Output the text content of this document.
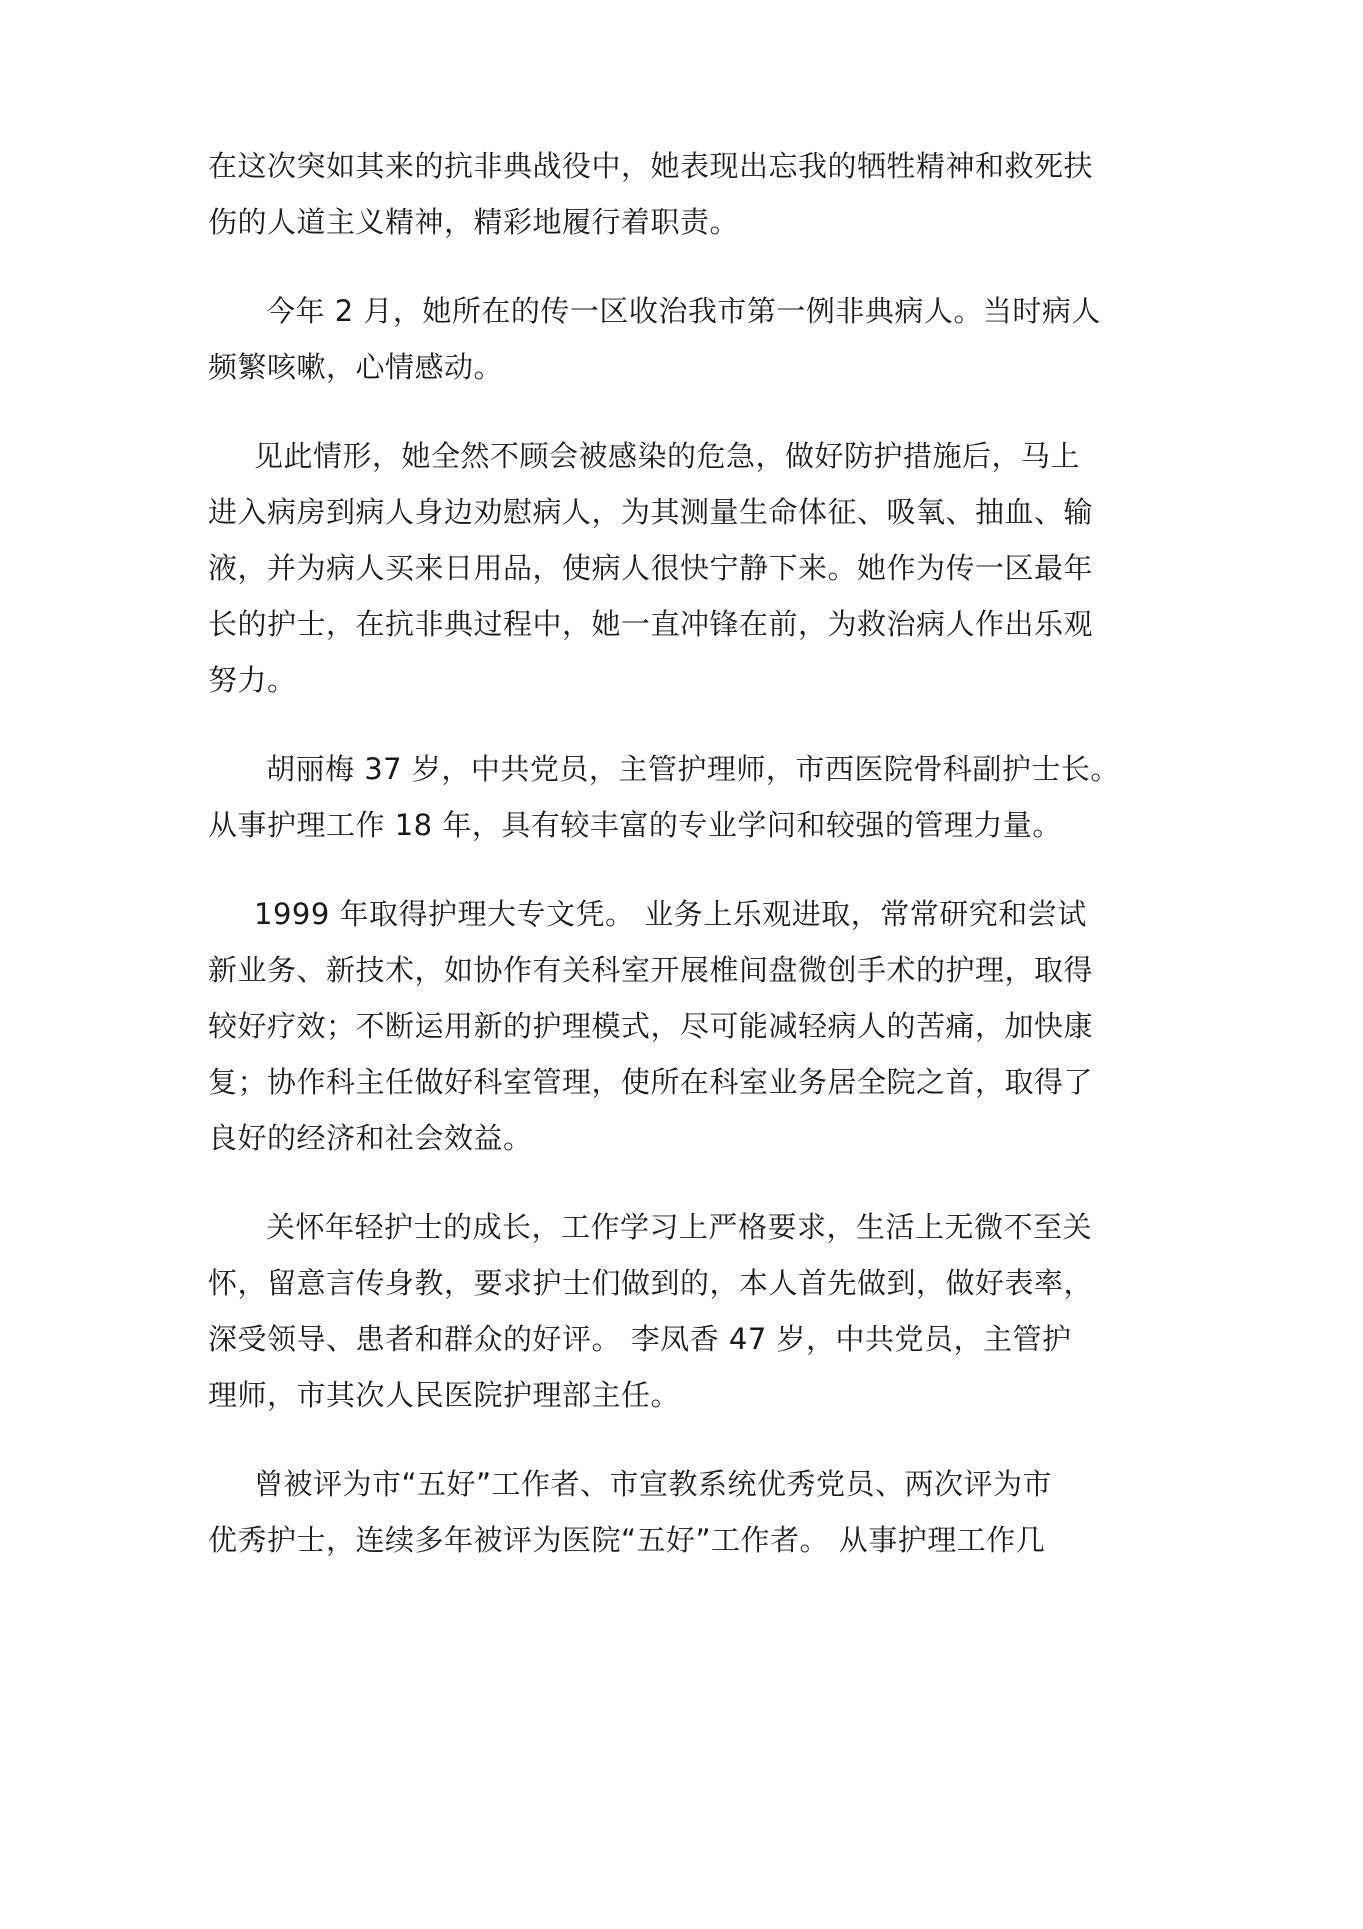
在这次突如其来的抗非典战役中，她表现出忘我的牺牲精神和救死扶
伤的人道主义精神，精彩地履行着职责。

今年 2 月，她所在的传一区收治我市第一例非典病人。当时病人
频繁咳嗽，心情感动。

见此情形，她全然不顾会被感染的危急，做好防护措施后，马上
进入病房到病人身边劝慰病人，为其测量生命体征、吸氧、抽血、输
液，并为病人买来日用品，使病人很快宁静下来。她作为传一区最年
长的护士，在抗非典过程中，她一直冲锋在前，为救治病人作出乐观
努力。

胡丽梅 37 岁，中共党员，主管护理师，市西医院骨科副护士长。
从事护理工作 18 年，具有较丰富的专业学问和较强的管理力量。

1999 年取得护理大专文凭。 业务上乐观进取，常常研究和尝试
新业务、新技术，如协作有关科室开展椎间盘微创手术的护理，取得
较好疗效；不断运用新的护理模式，尽可能减轻病人的苦痛，加快康
复；协作科主任做好科室管理，使所在科室业务居全院之首，取得了
良好的经济和社会效益。

关怀年轻护士的成长，工作学习上严格要求，生活上无微不至关
怀，留意言传身教，要求护士们做到的，本人首先做到，做好表率，
深受领导、患者和群众的好评。 李凤香 47 岁，中共党员，主管护
理师，市其次人民医院护理部主任。

曾被评为市“五好”工作者、市宣教系统优秀党员、两次评为市
优秀护士，连续多年被评为医院“五好”工作者。 从事护理工作几
